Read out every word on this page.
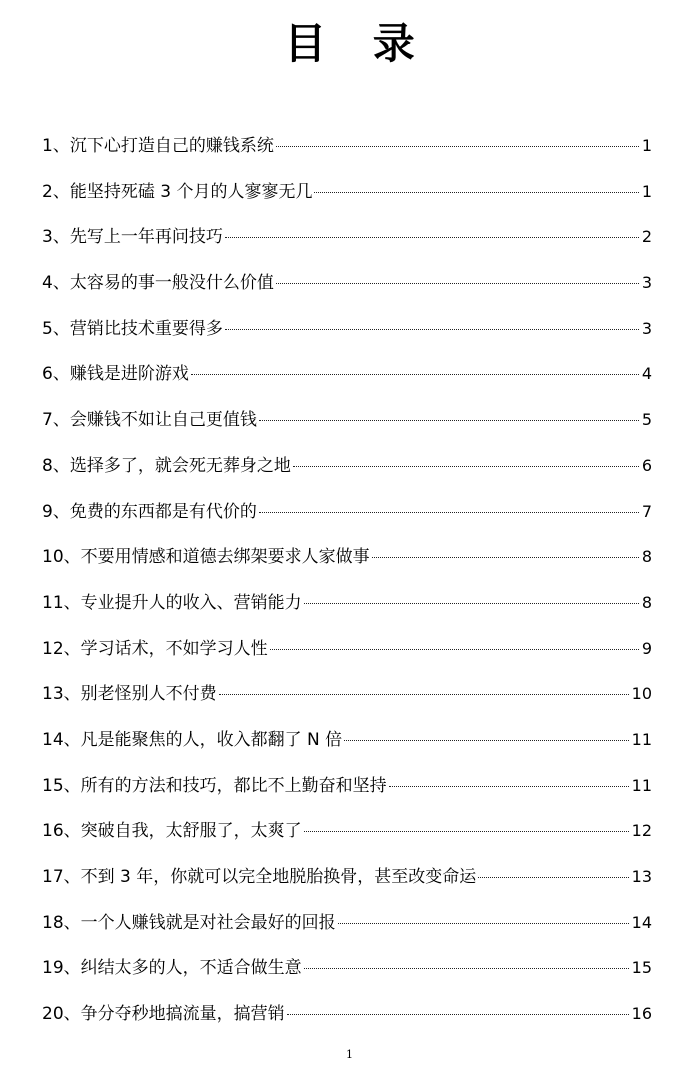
目 录
1、 沉下心打造自己的赚钱系统	1
2、 能坚持死磕 3 个月的人寥寥无几	1
3、 先写上一年再问技巧	2
4、 太容易的事一般没什么价值	3
5、 营销比技术重要得多	3
6、 赚钱是进阶游戏	4
7、 会赚钱不如让自己更值钱	5
8、 选择多了，就会死无葬身之地	6
9、 免费的东西都是有代价的	7
10、 不要用情感和道德去绑架要求人家做事	8
11、 专业提升人的收入、营销能力	8
12、 学习话术，不如学习人性	9
13、 别老怪别人不付费	10
14、 凡是能聚焦的人，收入都翻了 N 倍	11
15、 所有的方法和技巧，都比不上勤奋和坚持	11
16、 突破自我，太舒服了，太爽了	12
17、 不到 3 年，你就可以完全地脱胎换骨，甚至改变命运	13
18、 一个人赚钱就是对社会最好的回报	14
19、 纠结太多的人，不适合做生意	15
20、 争分夺秒地搞流量，搞营销	16
1
